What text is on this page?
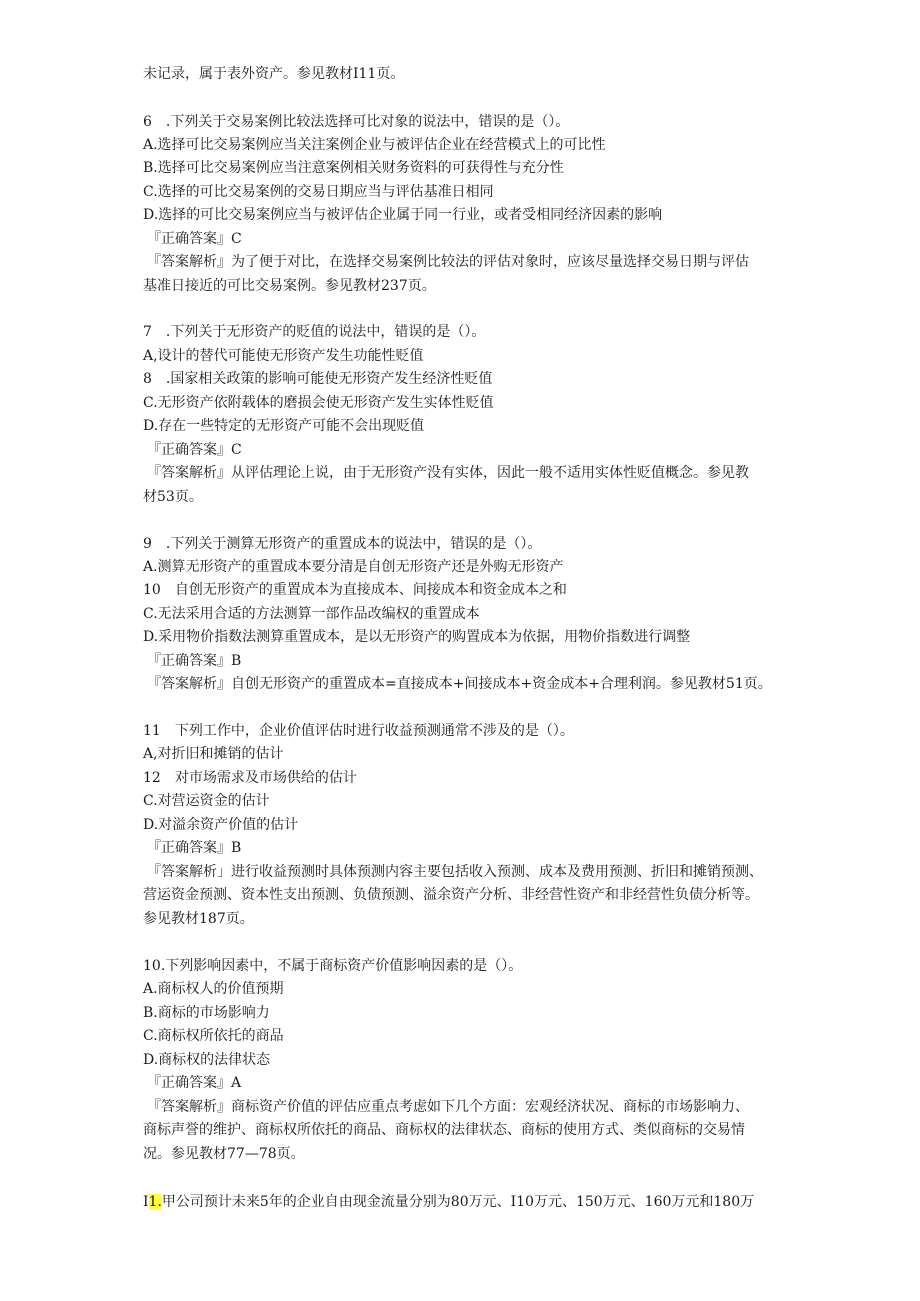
未记录，属于表外资产。参见教材I11页。
6　.下列关于交易案例比较法选择可比对象的说法中，错误的是（）。
A.选择可比交易案例应当关注案例企业与被评估企业在经营模式上的可比性
B.选择可比交易案例应当注意案例相关财务资料的可获得性与充分性
C.选择的可比交易案例的交易日期应当与评估基准日相同
D.选择的可比交易案例应当与被评估企业属于同一行业，或者受相同经济因素的影响
『正确答案』C
『答案解析』为了便于对比，在选择交易案例比较法的评估对象时，应该尽量选择交易日期与评估
基准日接近的可比交易案例。参见教材237页。
7　.下列关于无形资产的贬值的说法中，错误的是（）。
A,设计的替代可能使无形资产发生功能性贬值
8　.国家相关政策的影响可能使无形资产发生经济性贬值
C.无形资产依附载体的磨损会使无形资产发生实体性贬值
D.存在一些特定的无形资产可能不会出现贬值
『正确答案』C
『答案解析』从评估理论上说，由于无形资产没有实体，因此一般不适用实体性贬值概念。参见教
材53页。
9　.下列关于测算无形资产的重置成本的说法中，错误的是（）。
A.测算无形资产的重置成本要分清是自创无形资产还是外购无形资产
10　自创无形资产的重置成本为直接成本、间接成本和资金成本之和
C.无法采用合适的方法测算一部作品改编权的重置成本
D.采用物价指数法测算重置成本，是以无形资产的购置成本为依据，用物价指数进行调整
『正确答案』B
『答案解析』自创无形资产的重置成本=直接成本+间接成本+资金成本+合理利润。参见教材51页。
11　下列工作中，企业价值评估时进行收益预测通常不涉及的是（）。
A,对折旧和摊销的估计
12　对市场需求及市场供给的估计
C.对营运资金的估计
D.对溢余资产价值的估计
『正确答案』B
『答案解析」进行收益预测时具体预测内容主要包括收入预测、成本及费用预测、折旧和摊销预测、
营运资金预测、资本性支出预测、负债预测、溢余资产分析、非经营性资产和非经营性负债分析等。
参见教材187页。
10.下列影响因素中，不属于商标资产价值影响因素的是（）。
A.商标权人的价值预期
B.商标的市场影响力
C.商标权所依托的商品
D.商标权的法律状态
『正确答案』A
『答案解析』商标资产价值的评估应重点考虑如下几个方面：宏观经济状况、商标的市场影响力、
商标声誉的维护、商标权所依托的商品、商标权的法律状态、商标的使用方式、类似商标的交易情
况。参见教材77—78页。
I1.甲公司预计未来5年的企业自由现金流量分别为80万元、I10万元、150万元、160万元和180万
